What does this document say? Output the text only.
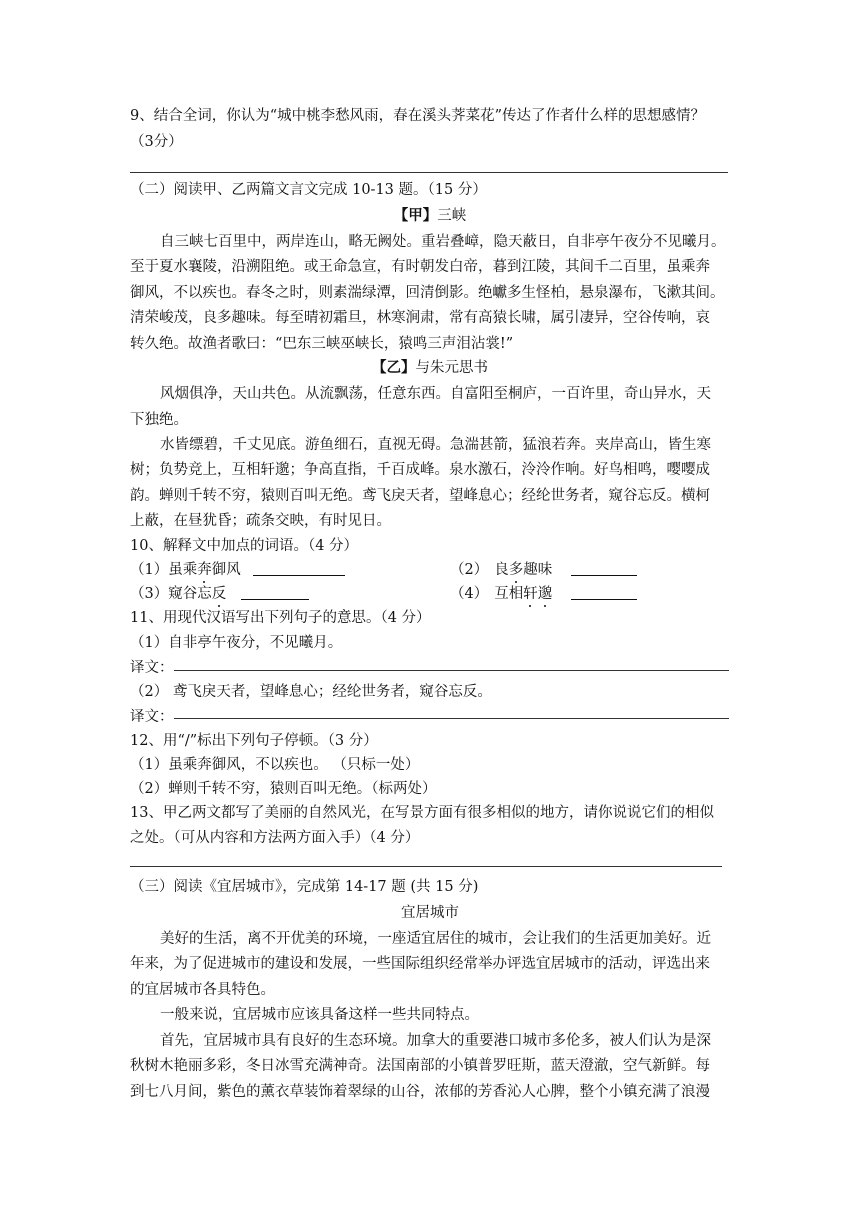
9、结合全词，你认为“城中桃李愁风雨，春在溪头荠菜花”传达了作者什么样的思想感情？
（3分）
（二）阅读甲、乙两篇文言文完成 10-13 题。（15 分）
【甲】三峡
自三峡七百里中，两岸连山，略无阙处。重岩叠嶂，隐天蔽日，自非亭午夜分不见曦月。
至于夏水襄陵，沿溯阻绝。或王命急宣，有时朝发白帝，暮到江陵，其间千二百里，虽乘奔
御风，不以疾也。春冬之时，则素湍绿潭，回清倒影。绝巘多生怪柏，悬泉瀑布，飞漱其间。
清荣峻茂，良多趣味。每至晴初霜旦，林寒涧肃，常有高猿长啸，属引凄异，空谷传响，哀
转久绝。故渔者歌曰：“巴东三峡巫峡长，猿鸣三声泪沾裳!”
【乙】与朱元思书
风烟俱净，天山共色。从流飘荡，任意东西。自富阳至桐庐，一百许里，奇山异水，天
下独绝。
水皆缥碧，千丈见底。游鱼细石，直视无碍。急湍甚箭，猛浪若奔。夹岸高山，皆生寒
树；负势竞上，互相轩邈；争高直指，千百成峰。泉水激石，泠泠作响。好鸟相鸣，嘤嘤成
韵。蝉则千转不穷，猿则百叫无绝。鸢飞戾天者，望峰息心；经纶世务者，窥谷忘反。横柯
上蔽，在昼犹昏；疏条交映，有时见日。
10、解释文中加点的词语。（4 分）
（1）虽乘奔御风	（2） 良多趣味
（3）窥谷忘反	（4） 互相轩邈
11、用现代汉语写出下列句子的意思。（4 分）
（1）自非亭午夜分，不见曦月。
译文：
（2） 鸢飞戾天者，望峰息心；经纶世务者，窥谷忘反。
译文：
12、用“/”标出下列句子停顿。（3 分）
（1）虽乘奔御风，不以疾也。 （只标一处）
（2）蝉则千转不穷，猿则百叫无绝。（标两处）
13、甲乙两文都写了美丽的自然风光，在写景方面有很多相似的地方，请你说说它们的相似
之处。（可从内容和方法两方面入手）（4 分）
（三）阅读《宜居城市》，完成第 14-17 题 (共 15 分)
宜居城市
美好的生活，离不开优美的环境，一座适宜居住的城市，会让我们的生活更加美好。近
年来，为了促进城市的建设和发展，一些国际组织经常举办评选宜居城市的活动，评选出来
的宜居城市各具特色。
一般来说，宜居城市应该具备这样一些共同特点。
首先，宜居城市具有良好的生态环境。加拿大的重要港口城市多伦多，被人们认为是深
秋树木艳丽多彩，冬日冰雪充满神奇。法国南部的小镇普罗旺斯，蓝天澄澈，空气新鲜。每
到七八月间，紫色的薰衣草装饰着翠绿的山谷，浓郁的芳香沁人心脾，整个小镇充满了浪漫
